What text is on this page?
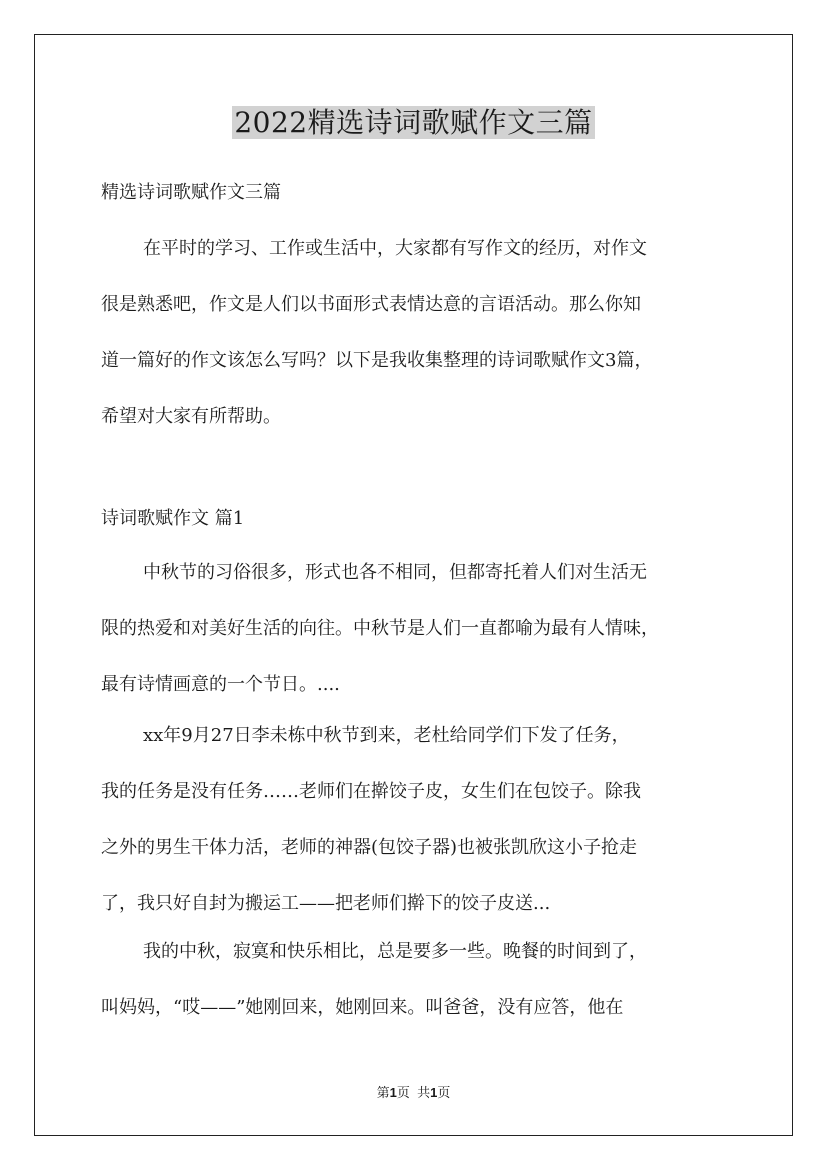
2022精选诗词歌赋作文三篇

精选诗词歌赋作文三篇

在平时的学习、工作或生活中，大家都有写作文的经历，对作文
很是熟悉吧，作文是人们以书面形式表情达意的言语活动。那么你知
道一篇好的作文该怎么写吗？以下是我收集整理的诗词歌赋作文3篇，
希望对大家有所帮助。

诗词歌赋作文 篇1

中秋节的习俗很多，形式也各不相同，但都寄托着人们对生活无
限的热爱和对美好生活的向往。中秋节是人们一直都喻为最有人情味，
最有诗情画意的一个节日。....
xx年9月27日李未栋中秋节到来，老杜给同学们下发了任务，
我的任务是没有任务……老师们在擀饺子皮，女生们在包饺子。除我
之外的男生干体力活，老师的神器(包饺子器)也被张凯欣这小子抢走
了，我只好自封为搬运工——把老师们擀下的饺子皮送...
我的中秋，寂寞和快乐相比，总是要多一些。晚餐的时间到了，
叫妈妈，“哎——”她刚回来，她刚回来。叫爸爸，没有应答，他在
第1页 共1页
